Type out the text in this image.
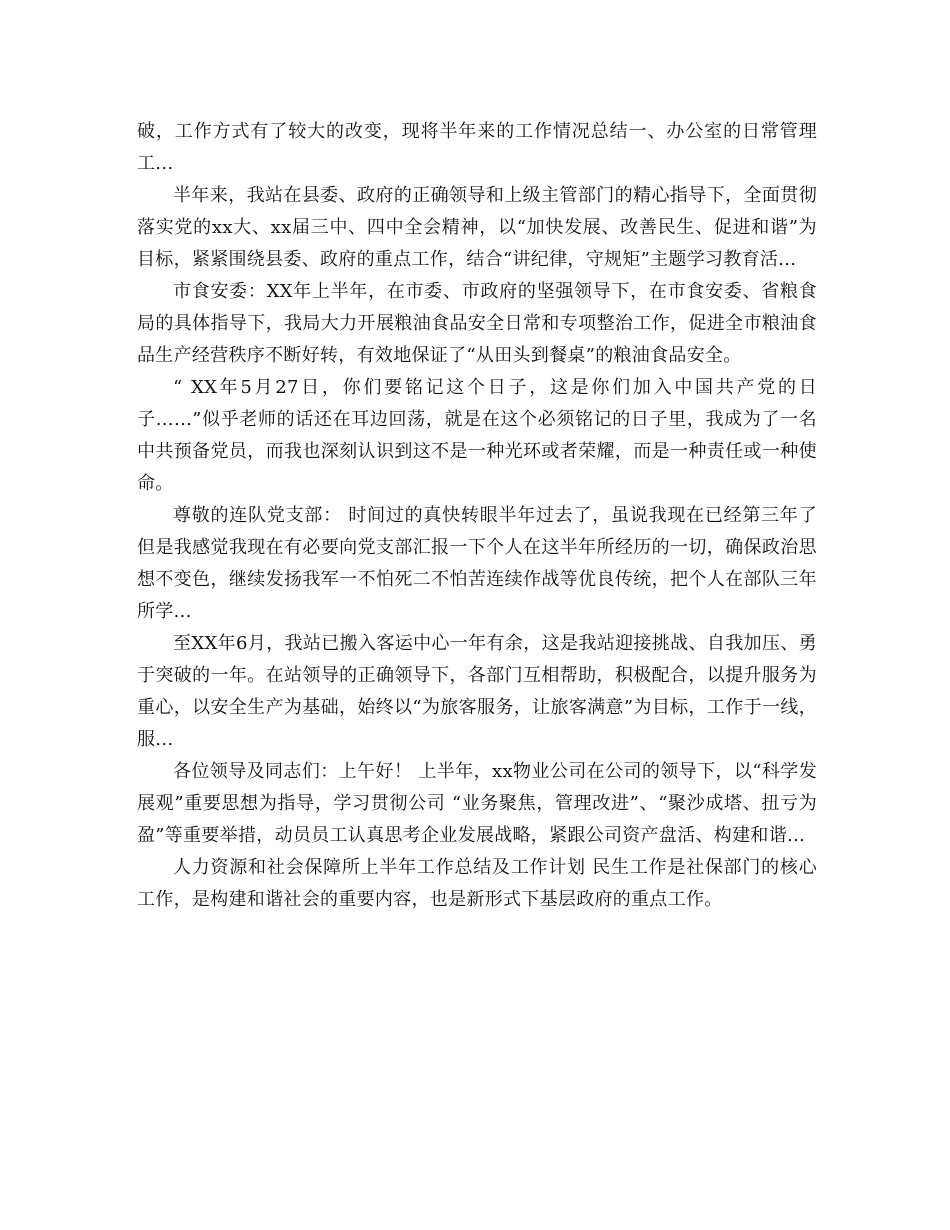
破，工作方式有了较大的改变，现将半年来的工作情况总结一、办公室的日常管理工...

半年来，我站在县委、政府的正确领导和上级主管部门的精心指导下，全面贯彻落实党的xx大、xx届三中、四中全会精神，以“加快发展、改善民生、促进和谐”为目标，紧紧围绕县委、政府的重点工作，结合“讲纪律，守规矩”主题学习教育活...

市食安委：XX年上半年，在市委、市政府的坚强领导下，在市食安委、省粮食局的具体指导下，我局大力开展粮油食品安全日常和专项整治工作，促进全市粮油食品生产经营秩序不断好转，有效地保证了“从田头到餐桌”的粮油食品安全。

“ XX年5月27日，你们要铭记这个日子，这是你们加入中国共产党的日子……”似乎老师的话还在耳边回荡，就是在这个必须铭记的日子里，我成为了一名中共预备党员，而我也深刻认识到这不是一种光环或者荣耀，而是一种责任或一种使命。

尊敬的连队党支部： 时间过的真快转眼半年过去了，虽说我现在已经第三年了但是我感觉我现在有必要向党支部汇报一下个人在这半年所经历的一切，确保政治思想不变色，继续发扬我军一不怕死二不怕苦连续作战等优良传统，把个人在部队三年所学...

至XX年6月，我站已搬入客运中心一年有余，这是我站迎接挑战、自我加压、勇于突破的一年。在站领导的正确领导下，各部门互相帮助，积极配合，以提升服务为重心，以安全生产为基础，始终以“为旅客服务，让旅客满意”为目标，工作于一线，服...

各位领导及同志们：上午好！ 上半年，xx物业公司在公司的领导下，以“科学发展观”重要思想为指导，学习贯彻公司 “业务聚焦，管理改进”、“聚沙成塔、扭亏为盈”等重要举措，动员员工认真思考企业发展战略，紧跟公司资产盘活、构建和谐...

人力资源和社会保障所上半年工作总结及工作计划 民生工作是社保部门的核心工作，是构建和谐社会的重要内容，也是新形式下基层政府的重点工作。
